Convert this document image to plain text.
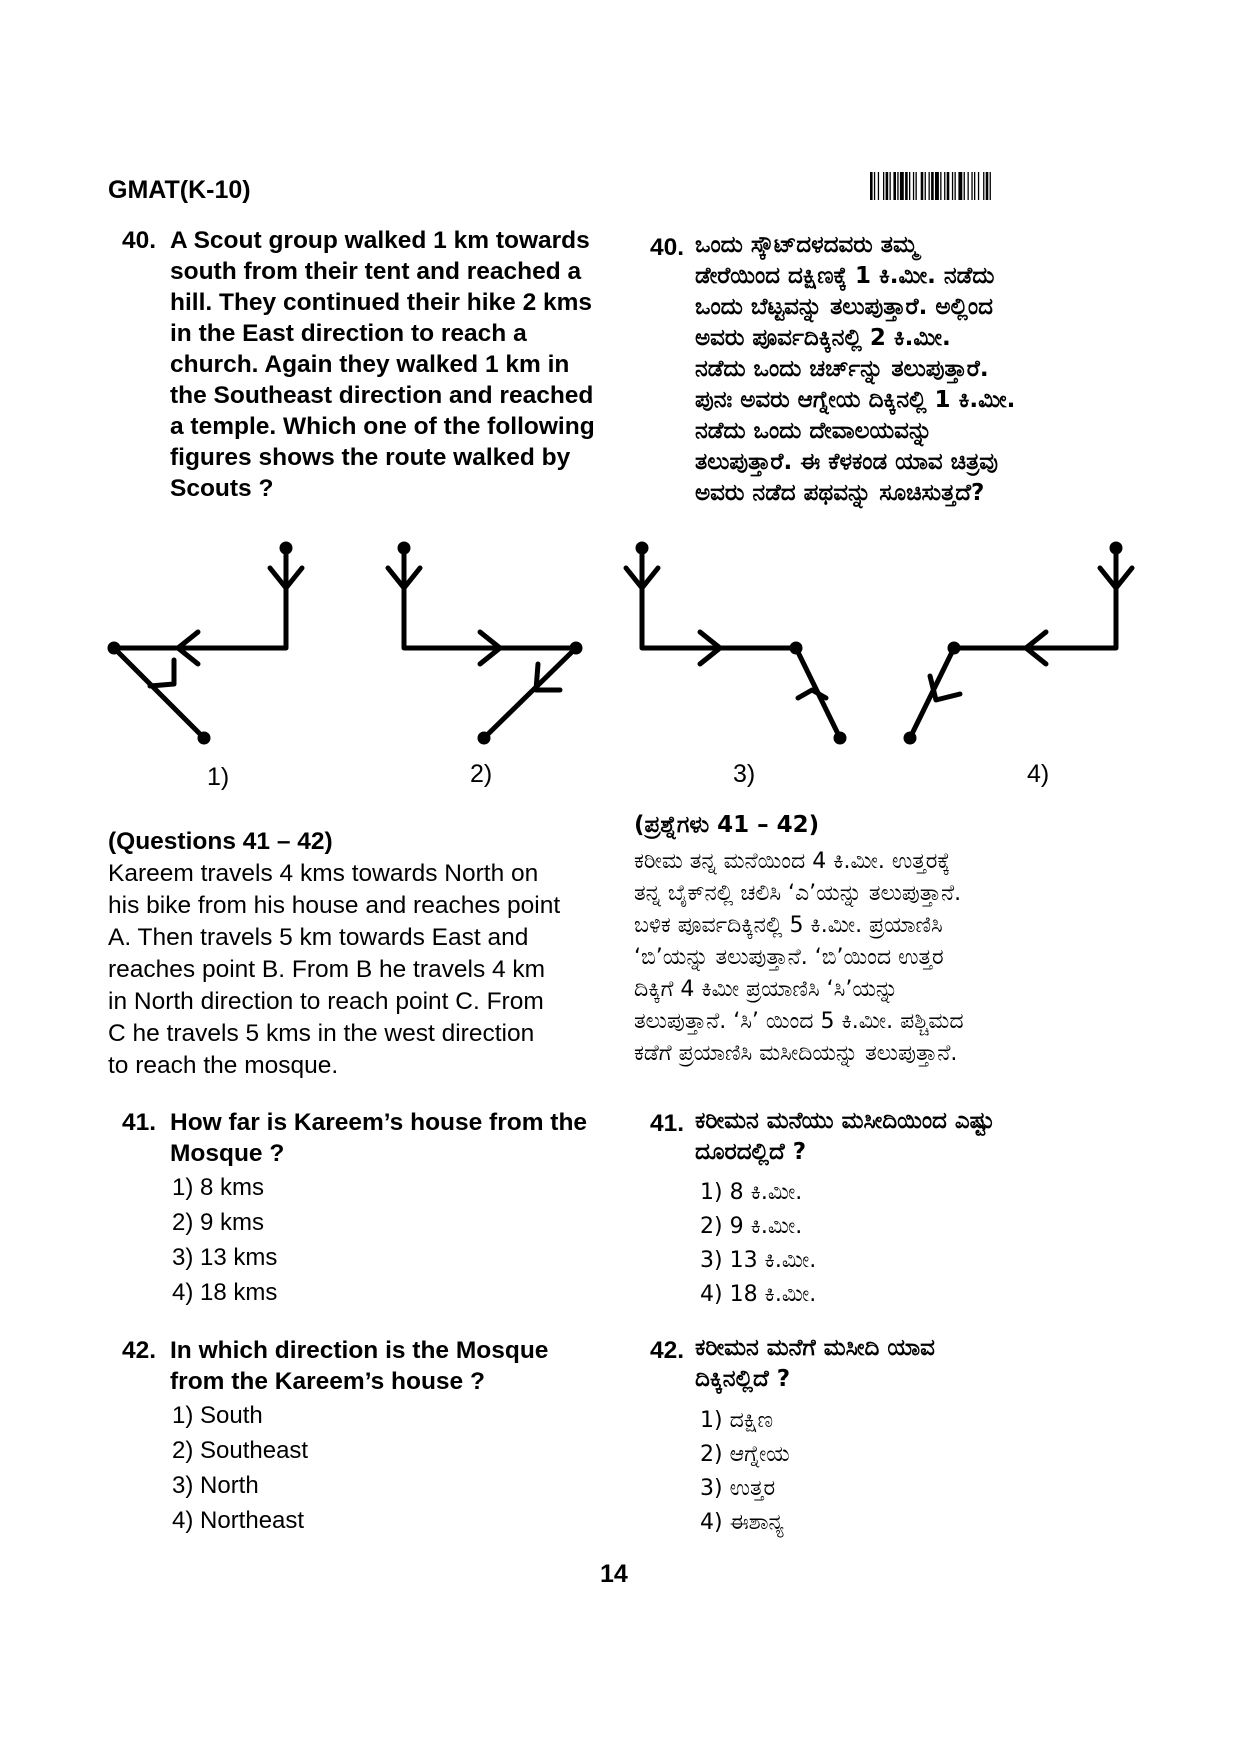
GMAT(K-10)
40. A Scout group walked 1 km towards
south from their tent and reached a
hill. They continued their hike 2 kms
in the East direction to reach a
church. Again they walked 1 km in
the Southeast direction and reached
a temple. Which one of the following
figures shows the route walked by
Scouts ?
40. ಒಂದು ಸ್ಕೌಟ್‌ದಳದವರು ತಮ್ಮ
ಡೇರೆಯಿಂದ ದಕ್ಷಿಣಕ್ಕೆ 1 ಕಿ.ಮೀ. ನಡೆದು
ಒಂದು ಬೆಟ್ಟವನ್ನು ತಲುಪುತ್ತಾರೆ. ಅಲ್ಲಿಂದ
ಅವರು ಪೂರ್ವದಿಕ್ಕಿನಲ್ಲಿ 2 ಕಿ.ಮೀ.
ನಡೆದು ಒಂದು ಚರ್ಚ್‌ನ್ನು ತಲುಪುತ್ತಾರೆ.
ಪುನಃ ಅವರು ಆಗ್ನೇಯ ದಿಕ್ಕಿನಲ್ಲಿ 1 ಕಿ.ಮೀ.
ನಡೆದು ಒಂದು ದೇವಾಲಯವನ್ನು
ತಲುಪುತ್ತಾರೆ. ಈ ಕೆಳಕಂಡ ಯಾವ ಚಿತ್ರವು
ಅವರು ನಡೆದ ಪಥವನ್ನು ಸೂಚಿಸುತ್ತದೆ?
1)	2)	3)	4)
(Questions 41 – 42)
Kareem travels 4 kms towards North on
his bike from his house and reaches point
A. Then travels 5 km towards East and
reaches point B. From B he travels 4 km
in North direction to reach point C. From
C he travels 5 kms in the west direction
to reach the mosque.
(ಪ್ರಶ್ನೆಗಳು 41 – 42)
ಕರೀಮ ತನ್ನ ಮನೆಯಿಂದ 4 ಕಿ.ಮೀ. ಉತ್ತರಕ್ಕೆ
ತನ್ನ ಬೈಕ್‌ನಲ್ಲಿ ಚಲಿಸಿ ‘ಎ’ಯನ್ನು ತಲುಪುತ್ತಾನೆ.
ಬಳಿಕ ಪೂರ್ವದಿಕ್ಕಿನಲ್ಲಿ 5 ಕಿ.ಮೀ. ಪ್ರಯಾಣಿಸಿ
‘ಬಿ’ಯನ್ನು ತಲುಪುತ್ತಾನೆ. ‘ಬಿ’ಯಿಂದ ಉತ್ತರ
ದಿಕ್ಕಿಗೆ 4 ಕಿಮೀ ಪ್ರಯಾಣಿಸಿ ‘ಸಿ’ಯನ್ನು
ತಲುಪುತ್ತಾನೆ. ‘ಸಿ’ ಯಿಂದ 5 ಕಿ.ಮೀ. ಪಶ್ಚಿಮದ
ಕಡೆಗೆ ಪ್ರಯಾಣಿಸಿ ಮಸೀದಿಯನ್ನು ತಲುಪುತ್ತಾನೆ.
41. How far is Kareem’s house from the
Mosque ?
1) 8 kms
2) 9 kms
3) 13 kms
4) 18 kms
41. ಕರೀಮನ ಮನೆಯು ಮಸೀದಿಯಿಂದ ಎಷ್ಟು
ದೂರದಲ್ಲಿದೆ ?
1) 8 ಕಿ.ಮೀ.
2) 9 ಕಿ.ಮೀ.
3) 13 ಕಿ.ಮೀ.
4) 18 ಕಿ.ಮೀ.
42. In which direction is the Mosque
from the Kareem’s house ?
1) South
2) Southeast
3) North
4) Northeast
42. ಕರೀಮನ ಮನೆಗೆ ಮಸೀದಿ ಯಾವ
ದಿಕ್ಕಿನಲ್ಲಿದೆ ?
1) ದಕ್ಷಿಣ
2) ಆಗ್ನೇಯ
3) ಉತ್ತರ
4) ಈಶಾನ್ಯ
14
